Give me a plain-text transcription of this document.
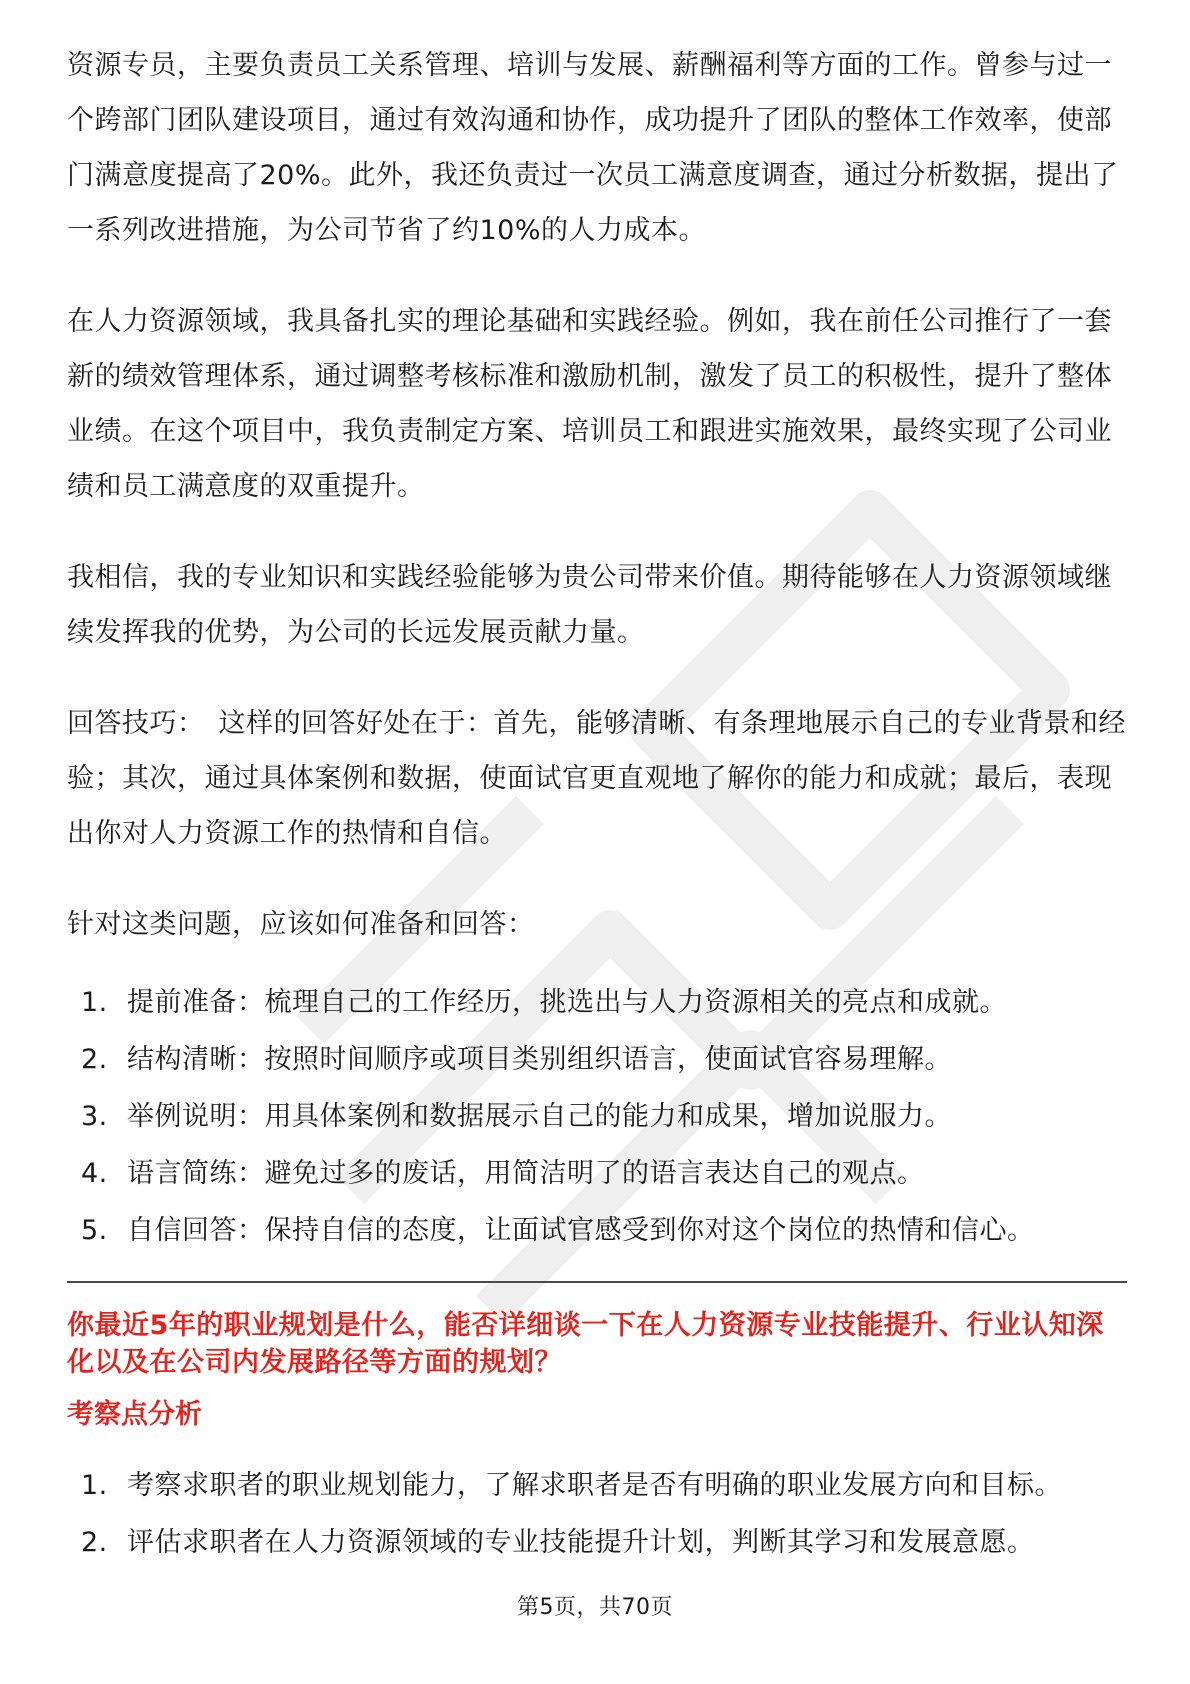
资源专员，主要负责员工关系管理、培训与发展、薪酬福利等方面的工作。曾参与过一个跨部门团队建设项目，通过有效沟通和协作，成功提升了团队的整体工作效率，使部门满意度提高了20%。此外，我还负责过一次员工满意度调查，通过分析数据，提出了一系列改进措施，为公司节省了约10%的人力成本。

在人力资源领域，我具备扎实的理论基础和实践经验。例如，我在前任公司推行了一套新的绩效管理体系，通过调整考核标准和激励机制，激发了员工的积极性，提升了整体业绩。在这个项目中，我负责制定方案、培训员工和跟进实施效果，最终实现了公司业绩和员工满意度的双重提升。

我相信，我的专业知识和实践经验能够为贵公司带来价值。期待能够在人力资源领域继续发挥我的优势，为公司的长远发展贡献力量。

回答技巧： 这样的回答好处在于：首先，能够清晰、有条理地展示自己的专业背景和经验；其次，通过具体案例和数据，使面试官更直观地了解你的能力和成就；最后，表现出你对人力资源工作的热情和自信。

针对这类问题，应该如何准备和回答：

1. 提前准备：梳理自己的工作经历，挑选出与人力资源相关的亮点和成就。
2. 结构清晰：按照时间顺序或项目类别组织语言，使面试官容易理解。
3. 举例说明：用具体案例和数据展示自己的能力和成果，增加说服力。
4. 语言简练：避免过多的废话，用简洁明了的语言表达自己的观点。
5. 自信回答：保持自信的态度，让面试官感受到你对这个岗位的热情和信心。

你最近5年的职业规划是什么，能否详细谈一下在人力资源专业技能提升、行业认知深化以及在公司内发展路径等方面的规划？

考察点分析
1. 考察求职者的职业规划能力，了解求职者是否有明确的职业发展方向和目标。
2. 评估求职者在人力资源领域的专业技能提升计划，判断其学习和发展意愿。
第5页，共70页
